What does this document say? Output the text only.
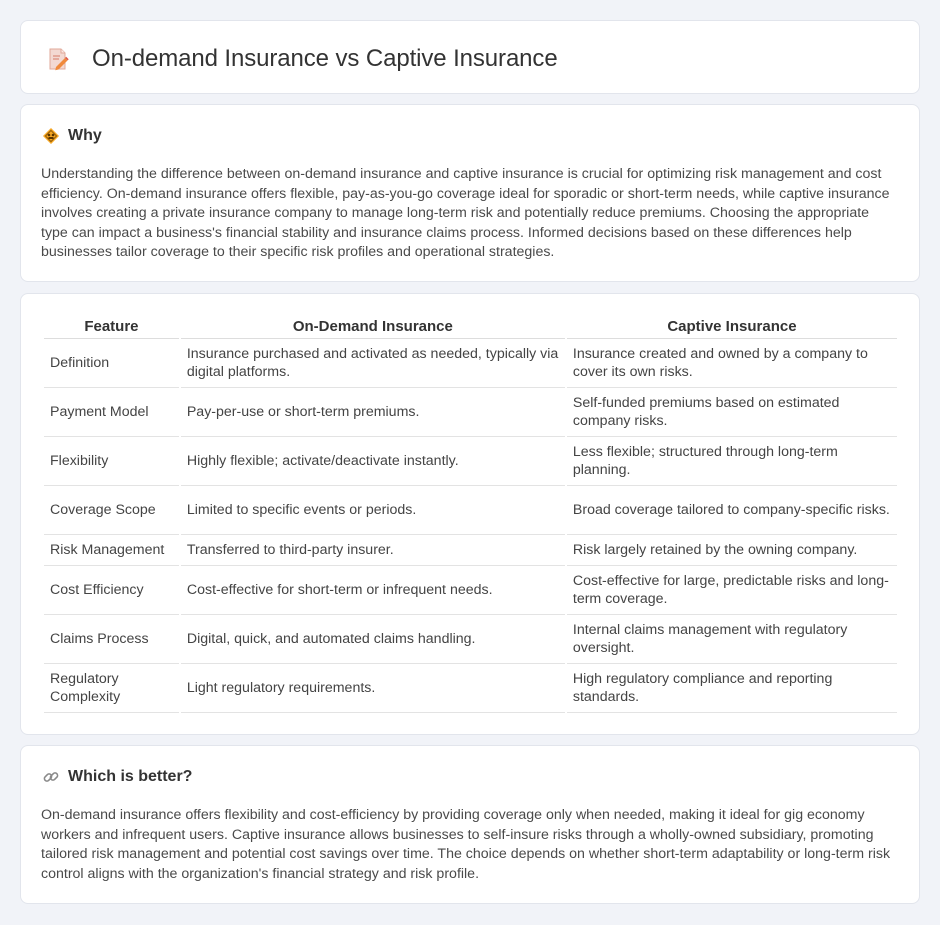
On-demand Insurance vs Captive Insurance
Why

Understanding the difference between on-demand insurance and captive insurance is crucial for optimizing risk management and cost efficiency. On-demand insurance offers flexible, pay-as-you-go coverage ideal for sporadic or short-term needs, while captive insurance involves creating a private insurance company to manage long-term risk and potentially reduce premiums. Choosing the appropriate type can impact a business's financial stability and insurance claims process. Informed decisions based on these differences help businesses tailor coverage to their specific risk profiles and operational strategies.

Feature	On-Demand Insurance	Captive Insurance
Definition	Insurance purchased and activated as needed, typically via digital platforms.	Insurance created and owned by a company to cover its own risks.
Payment Model	Pay-per-use or short-term premiums.	Self-funded premiums based on estimated company risks.
Flexibility	Highly flexible; activate/deactivate instantly.	Less flexible; structured through long-term planning.
Coverage Scope	Limited to specific events or periods.	Broad coverage tailored to company-specific risks.
Risk Management	Transferred to third-party insurer.	Risk largely retained by the owning company.
Cost Efficiency	Cost-effective for short-term or infrequent needs.	Cost-effective for large, predictable risks and long-term coverage.
Claims Process	Digital, quick, and automated claims handling.	Internal claims management with regulatory oversight.
Regulatory Complexity	Light regulatory requirements.	High regulatory compliance and reporting standards.
Which is better?

On-demand insurance offers flexibility and cost-efficiency by providing coverage only when needed, making it ideal for gig economy workers and infrequent users. Captive insurance allows businesses to self-insure risks through a wholly-owned subsidiary, promoting tailored risk management and potential cost savings over time. The choice depends on whether short-term adaptability or long-term risk control aligns with the organization's financial strategy and risk profile.
